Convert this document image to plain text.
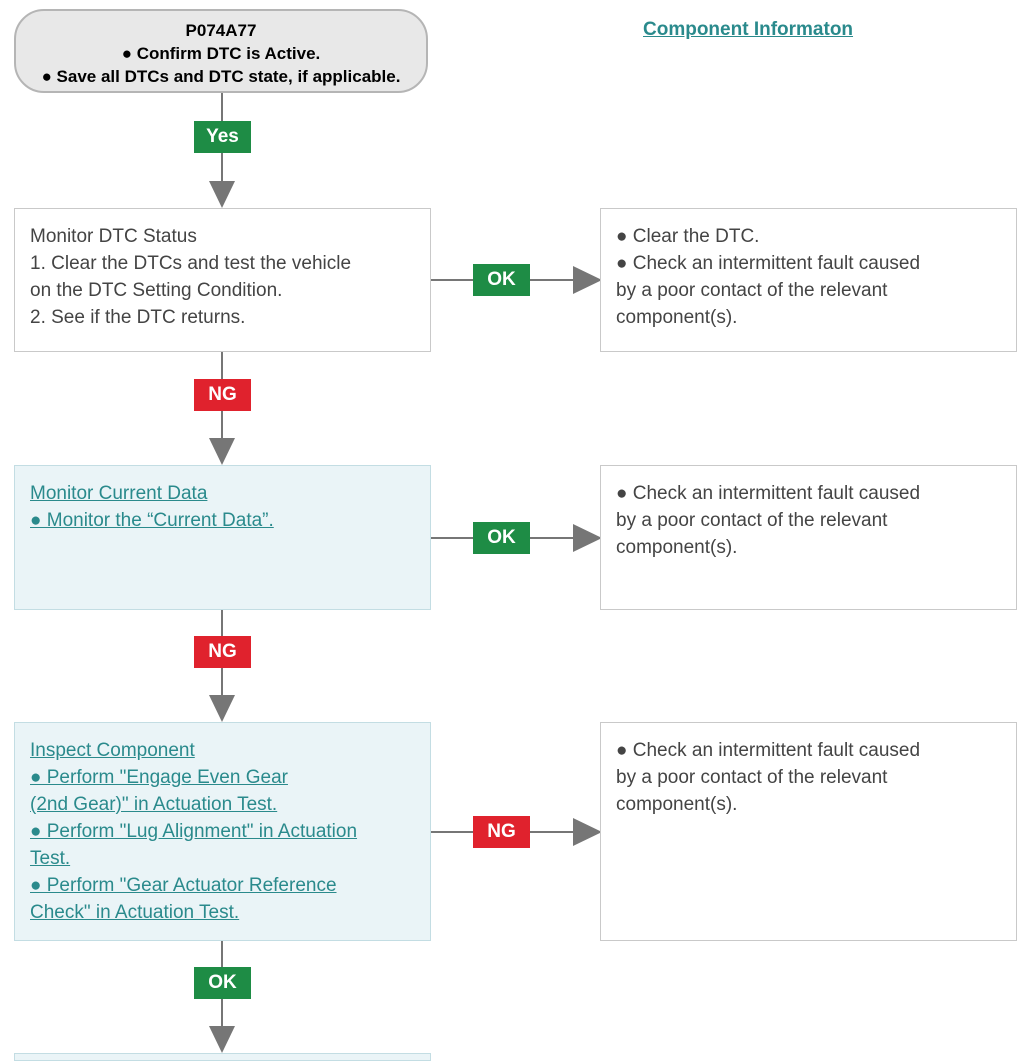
P074A77
● Confirm DTC is Active.
● Save all DTCs and DTC state, if applicable.
Component Informaton
Yes
Monitor DTC Status
1. Clear the DTCs and test the vehicle
on the DTC Setting Condition.
2. See if the DTC returns.
OK
● Clear the DTC.
● Check an intermittent fault caused
by a poor contact of the relevant
component(s).
NG
Monitor Current Data
● Monitor the “Current Data”.
OK
● Check an intermittent fault caused
by a poor contact of the relevant
component(s).
NG
Inspect Component
● Perform "Engage Even Gear
(2nd Gear)" in Actuation Test.
● Perform "Lug Alignment" in Actuation
Test.
● Perform "Gear Actuator Reference
Check" in Actuation Test.
NG
● Check an intermittent fault caused
by a poor contact of the relevant
component(s).
OK
